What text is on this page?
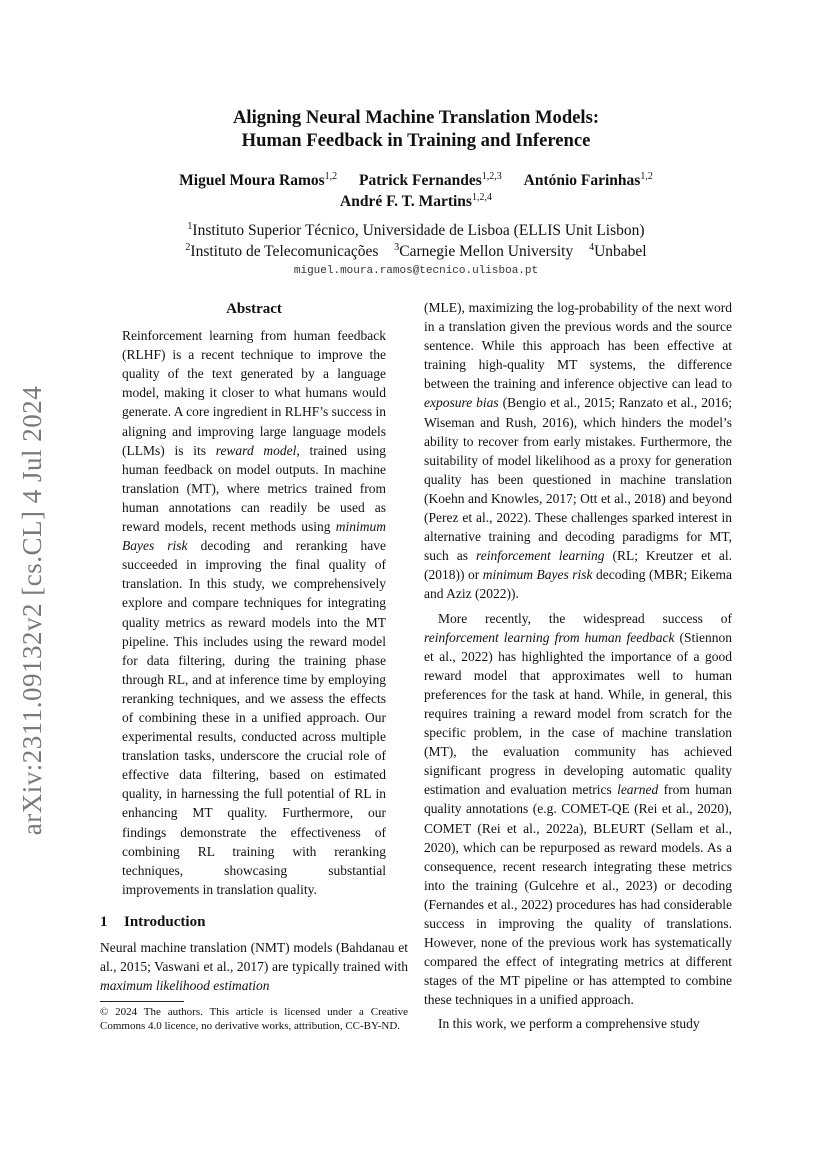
arXiv:2311.09132v2 [cs.CL] 4 Jul 2024
Aligning Neural Machine Translation Models:
Human Feedback in Training and Inference
Miguel Moura Ramos$^{1,2}$ Patrick Fernandes$^{1,2,3}$ António Farinhas$^{1,2}$
André F. T. Martins$^{1,2,4}$
$^1$Instituto Superior Técnico, Universidade de Lisboa (ELLIS Unit Lisbon)
$^2$Instituto de Telecomunicações $^3$Carnegie Mellon University $^4$Unbabel
miguel.moura.ramos@tecnico.ulisboa.pt
Abstract

Reinforcement learning from human feedback (RLHF) is a recent technique to improve the quality of the text generated by a language model, making it closer to what humans would generate. A core ingredient in RLHF’s success in aligning and improving large language models (LLMs) is its reward model, trained using human feedback on model outputs. In machine translation (MT), where metrics trained from human annotations can readily be used as reward models, recent methods using minimum Bayes risk decoding and reranking have succeeded in improving the final quality of translation. In this study, we comprehensively explore and compare techniques for integrating quality metrics as reward models into the MT pipeline. This includes using the reward model for data filtering, during the training phase through RL, and at inference time by employing reranking techniques, and we assess the effects of combining these in a unified approach. Our experimental results, conducted across multiple translation tasks, underscore the crucial role of effective data filtering, based on estimated quality, in harnessing the full potential of RL in enhancing MT quality. Furthermore, our findings demonstrate the effectiveness of combining RL training with reranking techniques, showcasing substantial improvements in translation quality.

1 Introduction

Neural machine translation (NMT) models (Bahdanau et al., 2015; Vaswani et al., 2017) are typically trained with maximum likelihood estimation

© 2024 The authors. This article is licensed under a Creative Commons 4.0 licence, no derivative works, attribution, CC-BY-ND.

(MLE), maximizing the log-probability of the next word in a translation given the previous words and the source sentence. While this approach has been effective at training high-quality MT systems, the difference between the training and inference objective can lead to exposure bias (Bengio et al., 2015; Ranzato et al., 2016; Wiseman and Rush, 2016), which hinders the model’s ability to recover from early mistakes. Furthermore, the suitability of model likelihood as a proxy for generation quality has been questioned in machine translation (Koehn and Knowles, 2017; Ott et al., 2018) and beyond (Perez et al., 2022). These challenges sparked interest in alternative training and decoding paradigms for MT, such as reinforcement learning (RL; Kreutzer et al. (2018)) or minimum Bayes risk decoding (MBR; Eikema and Aziz (2022)).

More recently, the widespread success of reinforcement learning from human feedback (Stiennon et al., 2022) has highlighted the importance of a good reward model that approximates well to human preferences for the task at hand. While, in general, this requires training a reward model from scratch for the specific problem, in the case of machine translation (MT), the evaluation community has achieved significant progress in developing automatic quality estimation and evaluation metrics learned from human quality annotations (e.g. COMET-QE (Rei et al., 2020), COMET (Rei et al., 2022a), BLEURT (Sellam et al., 2020), which can be repurposed as reward models. As a consequence, recent research integrating these metrics into the training (Gulcehre et al., 2023) or decoding (Fernandes et al., 2022) procedures has had considerable success in improving the quality of translations. However, none of the previous work has systematically compared the effect of integrating metrics at different stages of the MT pipeline or has attempted to combine these techniques in a unified approach.

In this work, we perform a comprehensive study
